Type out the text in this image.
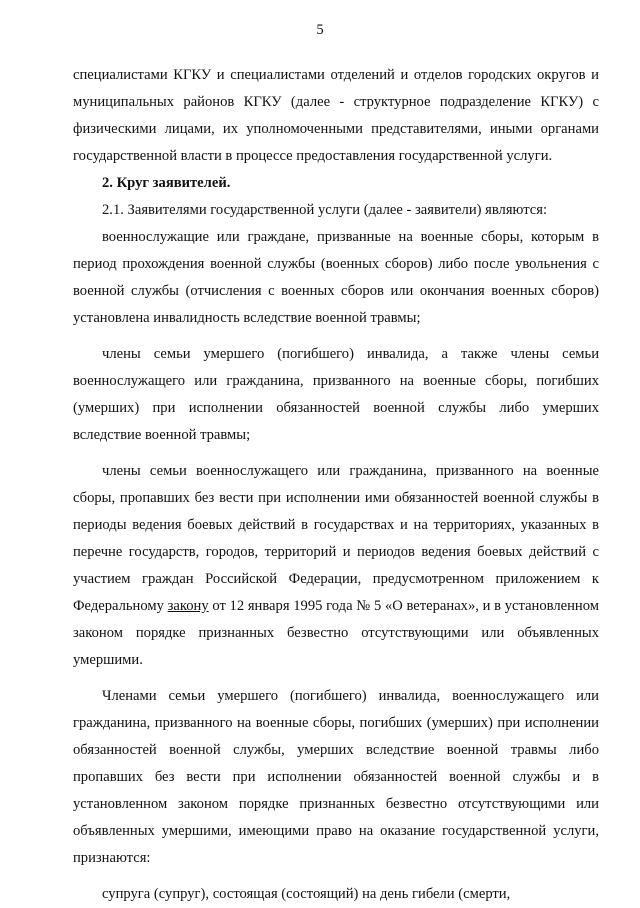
5

специалистами КГКУ и специалистами отделений и отделов городских округов и муниципальных районов КГКУ (далее - структурное подразделение КГКУ) с физическими лицами, их уполномоченными представителями, иными органами государственной власти в процессе предоставления государственной услуги.

2. Круг заявителей.

2.1. Заявителями государственной услуги (далее - заявители) являются:

военнослужащие или граждане, призванные на военные сборы, которым в период прохождения военной службы (военных сборов) либо после увольнения с военной службы (отчисления с военных сборов или окончания военных сборов) установлена инвалидность вследствие военной травмы;

члены семьи умершего (погибшего) инвалида, а также члены семьи военнослужащего или гражданина, призванного на военные сборы, погибших (умерших) при исполнении обязанностей военной службы либо умерших вследствие военной травмы;

члены семьи военнослужащего или гражданина, призванного на военные сборы, пропавших без вести при исполнении ими обязанностей военной службы в периоды ведения боевых действий в государствах и на территориях, указанных в перечне государств, городов, территорий и периодов ведения боевых действий с участием граждан Российской Федерации, предусмотренном приложением к Федеральному закону от 12 января 1995 года № 5 «О ветеранах», и в установленном законом порядке признанных безвестно отсутствующими или объявленных умершими.

Членами семьи умершего (погибшего) инвалида, военнослужащего или гражданина, призванного на военные сборы, погибших (умерших) при исполнении обязанностей военной службы, умерших вследствие военной травмы либо пропавших без вести при исполнении обязанностей военной службы и в установленном законом порядке признанных безвестно отсутствующими или объявленных умершими, имеющими право на оказание государственной услуги, признаются:

супруга (супруг), состоящая (состоящий) на день гибели (смерти,
